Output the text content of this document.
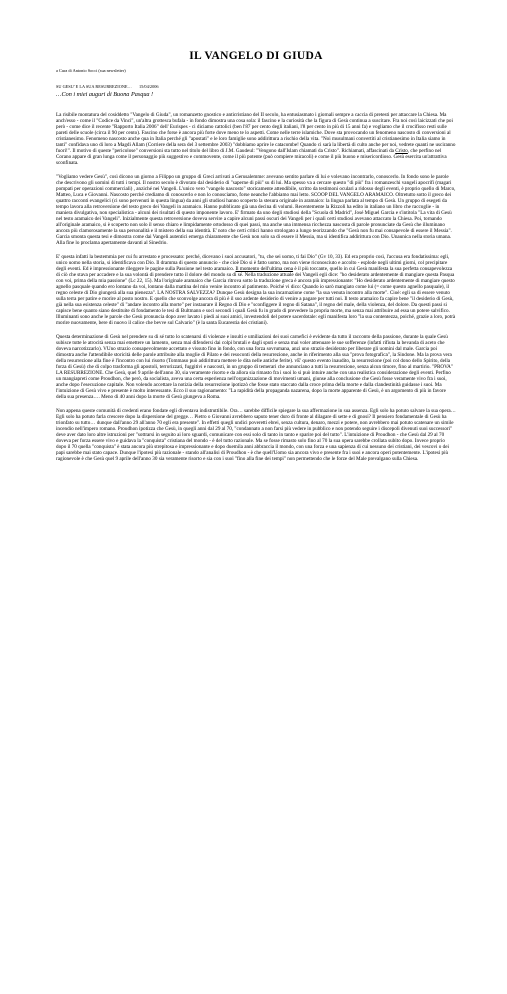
IL VANGELO DI GIUDA
a Cura di Antonio Socci (sua newsletter)
SU GESU' E LA SUA RESURREZIONE… 15/04/2006
…Con i miei auguri di Buona Pasqua !

La risibile montatura del cosiddetto "Vangelo di Giuda", un romanzetto gnostico e anticristiano del II secolo, ha entusiasmato i giornali sempre a caccia di pretesti per attaccare la Chiesa. Ma anch'esso - come il "Codice da Vinci", un'altra grottesca bufala - in fondo dimostra una cosa sola: il fascino e la curiosità che la figura di Gesù continua a suscitare. Fra noi così laicizzati che poi però - come dice il recente "Rapporto Italia 2006" dell' Eurispes - ci diciamo cattolici (ben l'87 per cento degli italiani, l'8 per cento in più di 15 anni fa) e vogliamo che il crocifisso resti sulle pareti delle scuole (circa il 90 per cento). Fascino che forse è ancora più forte dove meno te lo aspetti. Come nelle terre islamiche. Dove sta provocando un fenomeno nascosto di conversioni al cristianesimo. Fenomeno nascosto anche qua in Italia perché gli "apostati" e le loro famiglie sono addirittura a rischio della vita. "Noi musulmani convertiti al cristianesimo in Italia siamo in tanti" confidava uno di loro a Magdi Allam (Corriere della sera del 3 settembre 2003) "dobbiamo aprire le catacombe! Quando ci sarà la libertà di culto anche per noi, vedrete quanti ne usciranno fuori!". Il motivo di queste "pericolose" conversioni sta tutto nel titolo del libro di J.M. Gaudeul: "Vengono dall'Islam chiamati da Cristo". Richiamati, affascinati da Cristo, che perfino nel Corano appare di gran lunga come il personaggio più suggestivo e commovente, come il più potente (può compiere miracoli) e come il più buono e misericordioso. Gesù esercita un'attrattiva sconfinata.

"Vogliamo vedere Gesù", così dicono un giorno a Filippo un gruppo di Greci arrivati a Gerusalemme: avevano sentito parlare di lui e volevano incontrarlo, conoscerlo. In fondo sono le parole che descrivono gli uomini di tutti i tempi. Il nostro secolo è divorato dal desiderio di "saperne di più" su di lui. Ma spesso va a cercare questo "di più" fra i romanzeschi vangeli apocrifi (magari pompati per operazioni commerciali) , anziché nei Vangeli. L'unico vero "vangelo nascosto" storicamente attendibile, scritto da testimoni oculari a ridosso degli eventi, è proprio quello di Marco, Matteo, Luca e Giovanni. Nascosto perché crediamo di conoscerlo e non lo conosciamo, forse neanche l'abbiamo mai letto. SCOOP DEL VANGELO ARAMAICO. Oltretutto sotto il greco dei quattro racconti evangelici (ci sono pervenuti in questa lingua) da anni gli studiosi hanno scoperto la stesura originale in aramaico: la lingua parlata al tempo di Gesù. Un gruppo di esegeti da tempo lavora alla retroversione del testo greco dei Vangeli in aramaico. Hanno pubblicato già una decina di volumi. Recentemente la Rizzoli ha edito in italiano un libro che raccoglie - in maniera divulgativa, non specialistica - alcuni dei risultati di questo imponente lavoro. E' firmato da uno degli studiosi della "Scuola di Madrid", José Miguel Garcia e s'intitola "La vita di Gesù nel testo aramaico dei Vangeli". Inizialmente questa retroversione doveva servire a capire alcuni passi oscuri dei Vangeli per i quali certi studiosi avevano attaccato la Chiesa. Poi, tornando all'originale aramaico, si è scoperto non solo il senso chiaro e limpidamente ortodosso di quei passi, ma anche una immensa ricchezza nascosta di parole pronunciate da Gesù che illuminano ancora più clamorosamente la sua personalità e il mistero della sua identità. E' noto che certi critici hanno strologato a lungo teorizzando che "Gesù non fu mai consapevole di essere il Messia". Garcia smonta questa tesi e dimostra come dai Vangeli autentici emerga chiaramente che Gesù non solo sa di essere il Messia, ma si identifica addirittura con Dio. Unaunica nella storia umana. Alla fine lo proclama apertamente davanti al Sinedrio.

E' questa infatti la bestemmia per cui fu arrestato e processato: perché, dicevano i suoi accusatori, "tu, che sei uomo, ti fai Dio" (Gv 10, 33). Ed era proprio così, l'accusa era fondatissima: egli, unico uomo nella storia, si identificava con Dio. Il dramma di questo annuncio - che cioè Dio si è fatto uomo, ma non viene riconosciuto e accolto - esplode negli ultimi giorni, col precipitare degli eventi. Ed è impressionante rileggere le pagine sulla Passione nel testo aramaico. Il momento dell'ultima cena è il più toccante, quello in cui Gesù manifesta la sua perfetta consapevolezza di ciò che stava per accadere e la sua volontà di prendere tutto il dolore del mondo su di sé. Nella traduzione attuale dei Vangeli egli dice: "ho desiderato ardentemente di mangiare questa Pasqua con voi, prima della mia passione" (Lc 22, 15). Ma l'originale aramaico che Garcia ritrova sotto la traduzione greca è ancora più impressionante: "Ho desiderato ardentemente di mangiare questo agnello pasquale quando ero lontano da voi, lontano dalla mattina del mio venire incontro al patimento. Poiché vi dico: Quando io sarò mangiato come lui (= come questo agnello pasquale), il regno celeste di Dio giungerà alla sua pienezza". LA NOSTRA SALVEZZA? Dunque Gesù designa la sua incarnazione come "la sua venuta incontro alla morte". Cioè: egli sa di essere venuto sulla terra per patire e morire al posto nostro. E quello che sconvolge ancora di più è il suo ardente desiderio di venire a pagare per tutti noi. Il testo aramaico fa capire bene "il desiderio di Gesù, già nella sua esistenza celeste" di "andare incontro alla morte" per instaurare il Regno di Dio e "sconfiggere il regno di Satana", il regno del male, della violenza, del dolore. Da questi passi si capisce bene quanto siano destituite di fondamento le tesi di Bultmann e soci secondi i quali Gesù fu in grado di prevedere la propria morte, ma senza mai attribuire ad essa un potere salvifico. Illuminanti sono anche le parole che Gesù pronuncia dopo aver lavato i piedi ai suoi amici, investendoli del potere sacerdotale: egli manifesta loro "la sua contentezza, poiché, grazie a loro, potrà morire nuovamente, bere di nuovo il calice che bevve sul Calvario" (è la santa Eucarestia dei cristiani).

Questa determinazione di Gesù nel prendere su di sé tutto lo scatenarsi di violenze e insulti e umiliazioni dei suoi carnefici è evidente da tutto il racconto della passione, durante la quale Gesù subisce tutte le atrocità senza mai emettere un lamento, senza mai difendersi dai colpi brutali e dagli sputi e senza mai voler attenuare le sue sofferenze (infatti rifiuta la bevanda di aceto che doveva narcotizzarlo). VUno strazio consapevolmente accettato e vissuto fino in fondo, con una forza sovrumana, anzi uno strazio desiderato per liberare gli uomini dal male. Garcia poi dimostra anche l'attendibile storicità delle parole attribuite alla moglie di Pilato e dei resoconti della resurrezione, anche in riferimento alla sua "prova fotografica", la Sindone. Ma la prova vera della resurrezione alla fine è l'incontro con lui risorto (Tommaso può addirittura mettere le dita nelle antiche ferite). vE' questo evento inaudito, la resurrezione (poi col dono dello Spirito, della forza di Gesù) che di colpo trasforma gli apostoli, terrorizzati, fuggitivi e nascosti, in un gruppo di temerari che annunciano a tutti la resurrezione, senza alcun timore, fino al martirio. "PROVA" LA RESURREZIONE. Che Gesù, quel 9 aprile dell'anno 30, sia veramente risorto e da allora sia rimasto fra i suoi lo si può intuire anche con una realistica considerazione degli eventi. Perfino un mangiapreti come Proudhon, che però, da socialista, aveva una certa esperienza nell'organizzazione di movimenti umani, giunse alla conclusione che Gesù fosse veramente vivo fra i suoi, anche dopo l'esecuzione capitale. Non volendo accettare la notizia della resurrezione ipotizzò che fosse stato staccato dalla croce prima della morte e dalla clandestinità guidasse i suoi. Ma l'intuizione di Gesù vivo e presente è molto interessante. Ecco il suo ragionamento: "La rapidità della propaganda nazarena, dopo la morte apparente di Gesù, è un argomento di più in favore della sua presenza…. Meno di 40 anni dopo la morte di Gesù giungeva a Roma.

Non appena queste comunità di credenti erano fondate egli diventava indistruttibile. Ora… sarebbe difficile spiegare la sua affermazione in sua assenza. Egli solo ha potuto salvare la sua opera… Egli solo ha potuto farla crescere dopo la dispersione del gregge… Pietro o Giovanni avrebbero saputo tener duro di fronte al dilagare di sette e di gnosi? Il pensiero fondamentale di Gesù ha trionfato su tutto… dunque dall'anno 29 all'anno 70 egli era presente". In effetti quegli undici poveretti ebrei, senza cultura, denaro, mezzi e potere, non avrebbero mai potuto scatenare un simile incendio nell'impero romano. Proudhon ipotizza che Gesù, in quegli anni dal 29 al 70, "condannato a non farsi più vedere in pubblico e non potendo seguire i discepoli divenuti suoi successori" deve aver dato loro altre istruzioni per "sottrarsi in seguito ai loro sguardi, comunicare con essi solo di tanto in tanto e sparire poi del tutto". L'intuizione di Proudhon - che Gesù dal 29 al 70 doveva per forza essere vivo e guidava la "conquista" cristiana del mondo - è del tutto razionale. Ma se fosse rimasto solo fino al 70 la sua opera sarebbe crollata subito dopo. Invece proprio dopo il 70 quella "conquista" è stata ancora più strepitosa e impressionante e dopo duemila anni abbraccia il mondo, con una forza e una sapienza di cui nessuno dei cristiani, dei vescovi o dei papi sarebbe mai stato capace. Dunque l'ipotesi più razionale - stando all'analisi di Proudhon - è che quell'Uomo sia ancora vivo e presente fra i suoi e ancora operi potentemente. L'ipotesi più ragionevole è che Gesù quel 9 aprile dell'anno 30 sia veramente risorto e sia con i suoi "fino alla fine dei tempi" non permettendo che le forze del Male prevalgano sulla Chiesa.
